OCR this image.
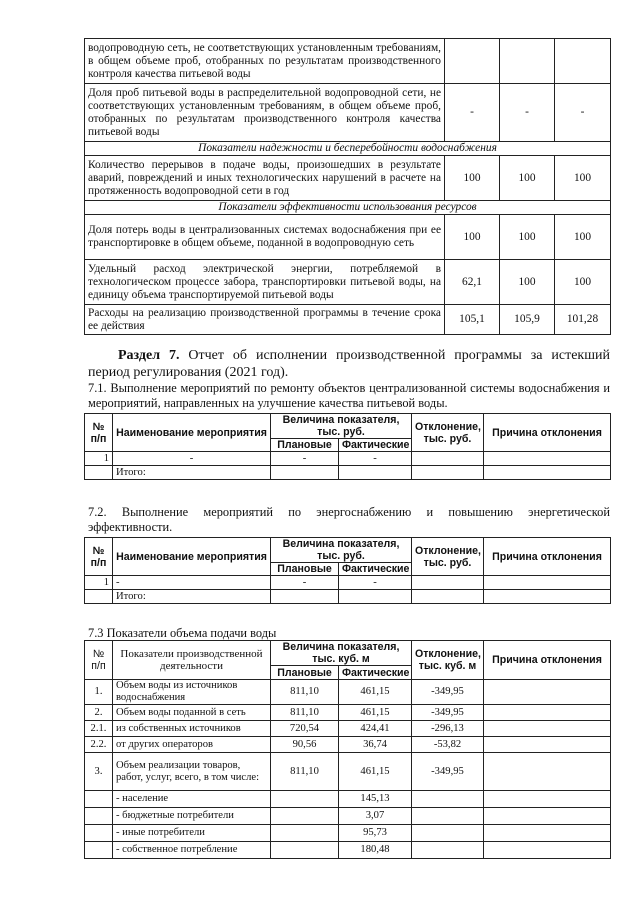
водопроводную сеть, не соответствующих установленным требованиям, в общем объеме проб, отобранных по результатам производственного контроля качества питьевой воды			
Доля проб питьевой воды в распределительной водопроводной сети, не соответствующих установленным требованиям, в общем объеме проб, отобранных по результатам производственного контроля качества питьевой воды	-	-	-
Показатели надежности и бесперебойности водоснабжения			
Количество перерывов в подаче воды, произошедших в результате аварий, повреждений и иных технологических нарушений в расчете на протяженность водопроводной сети в год	100	100	100
Показатели эффективности использования ресурсов			
Доля потерь воды в централизованных системах водоснабжения при ее транспортировке в общем объеме, поданной в водопроводную сеть	100	100	100
Удельный расход электрической энергии, потребляемой в технологическом процессе забора, транспортировки питьевой воды, на единицу объема транспортируемой питьевой воды	62,1	100	100
Расходы на реализацию производственной программы в течение срока ее действия	105,1	105,9	101,28
Раздел 7. Отчет об исполнении производственной программы за истекший период регулирования (2021 год).
7.1. Выполнение мероприятий по ремонту объектов централизованной системы водоснабжения и мероприятий, направленных на улучшение качества питьевой воды.
№ п/п	Наименование мероприятия	Величина показателя, тыс. руб.		Отклонение, тыс. руб.	Причина отклонения
		Плановые	Фактические		
1	-	-	-		
	Итого:				
7.2. Выполнение мероприятий по энергоснабжению и повышению энергетической эффективности.
№ п/п	Наименование мероприятия	Величина показателя, тыс. руб.		Отклонение, тыс. руб.	Причина отклонения
		Плановые	Фактические		
1	-	-	-		
	Итого:				
7.3 Показатели объема подачи воды
№ п/п	Показатели производственной деятельности	Величина показателя, тыс. куб. м		Отклонение, тыс. куб. м	Причина отклонения
		Плановые	Фактические		
1.	Объем воды из источников водоснабжения	811,10	461,15	-349,95	
2.	Объем воды поданной в сеть	811,10	461,15	-349,95	
2.1.	из собственных источников	720,54	424,41	-296,13	
2.2.	от других операторов	90,56	36,74	-53,82	
3.	Объем реализации товаров, работ, услуг, всего, в том числе:	811,10	461,15	-349,95	
	- население		145,13		
	- бюджетные потребители		3,07		
	- иные потребители		95,73		
	- собственное потребление		180,48		
